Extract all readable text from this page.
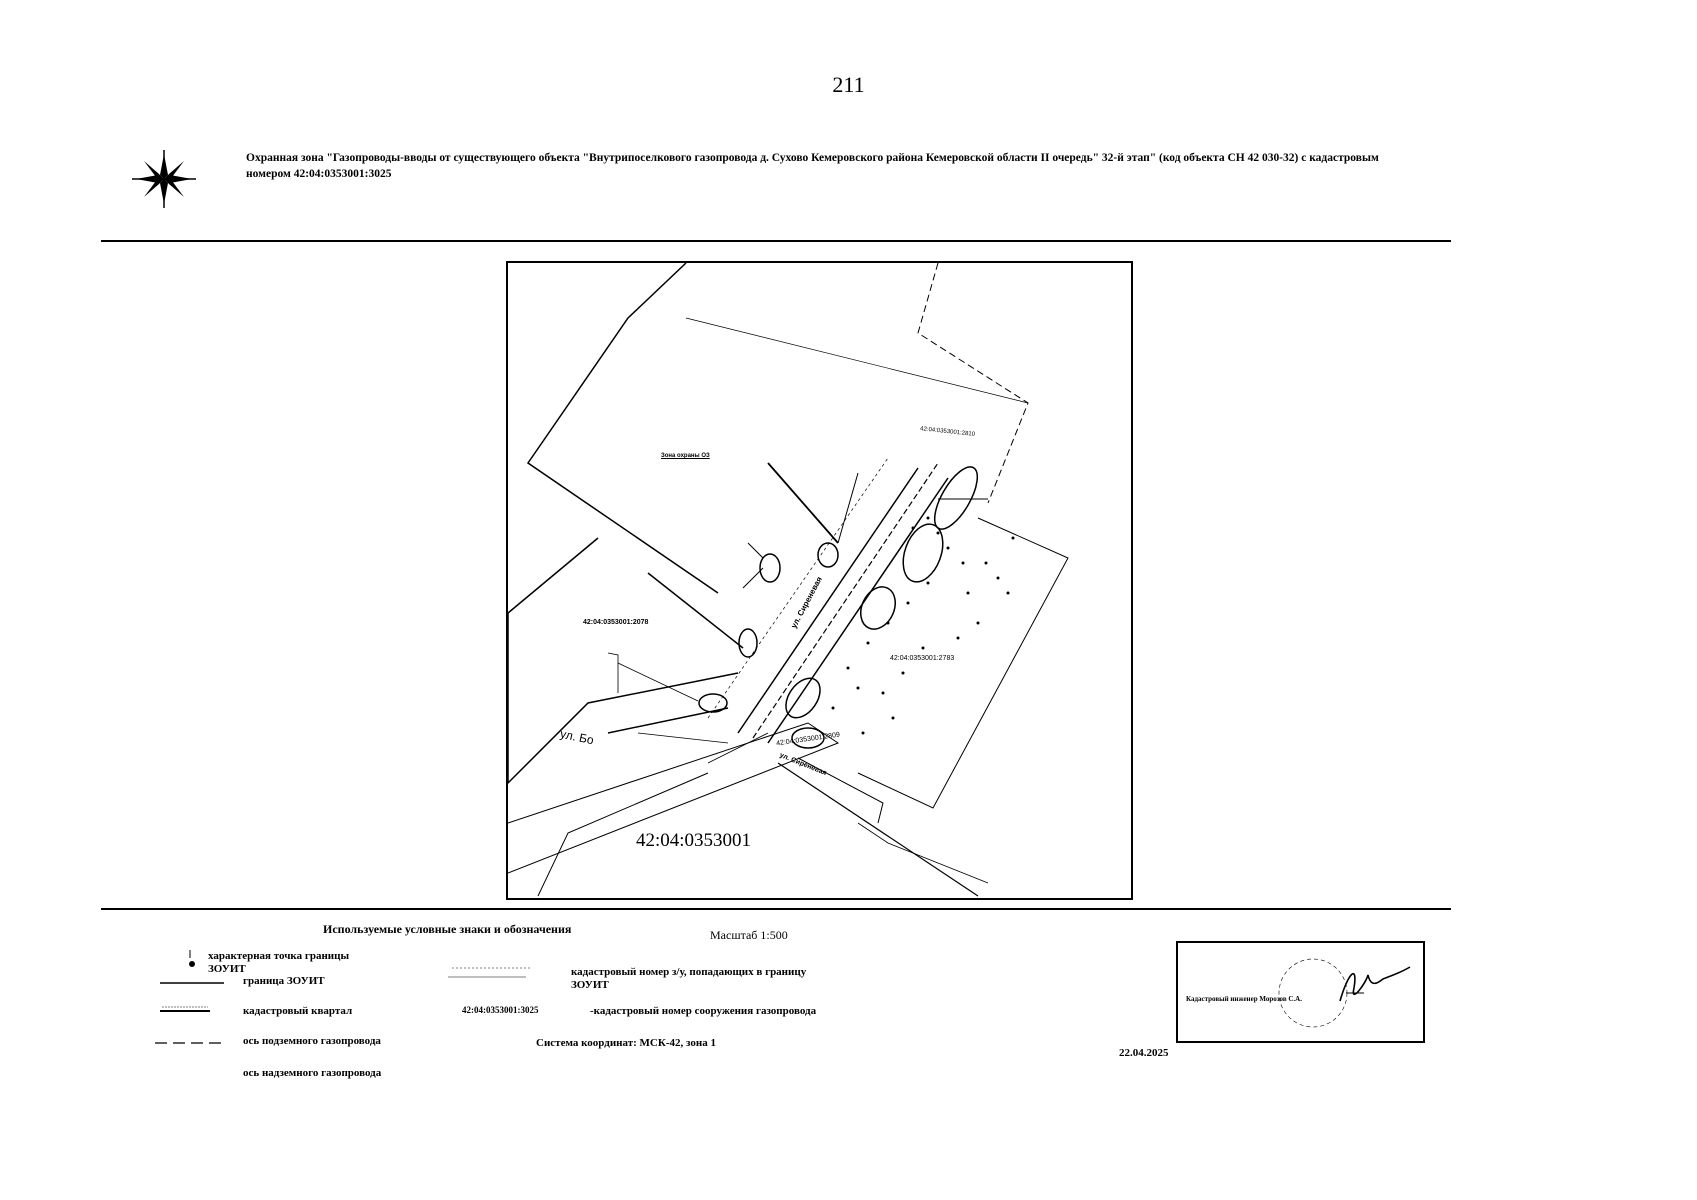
211
Охранная зона "Газопроводы-вводы от существующего объекта "Внутрипоселкового газопровода д. Сухово Кемеровского района Кемеровской области II очередь" 32-й этап" (код объекта СН 42 030-32) с кадастровым номером 42:04:0353001:3025
42:04:0353001
42:04:0353001:2078
42:04:0353001:2783
42:04:0353001:2809
ул. Бо
Зона охраны ОЗ
42:04:0353001:2810
ул. Сиреневая
ул. Сиреневая
Используемые условные знаки и обозначения	Масштаб 1:500
характерная точка границы
ЗОУИТ
граница ЗОУИТ
кадастровый квартал
ось подземного газопровода
ось надземного газопровода
кадастровый номер з/у, попадающих в границу ЗОУИТ
42:04:0353001:3025	-кадастровый номер сооружения газопровода
Система координат: МСК-42, зона 1
Кадастровый инженер Морозов С.А.
22.04.2025
